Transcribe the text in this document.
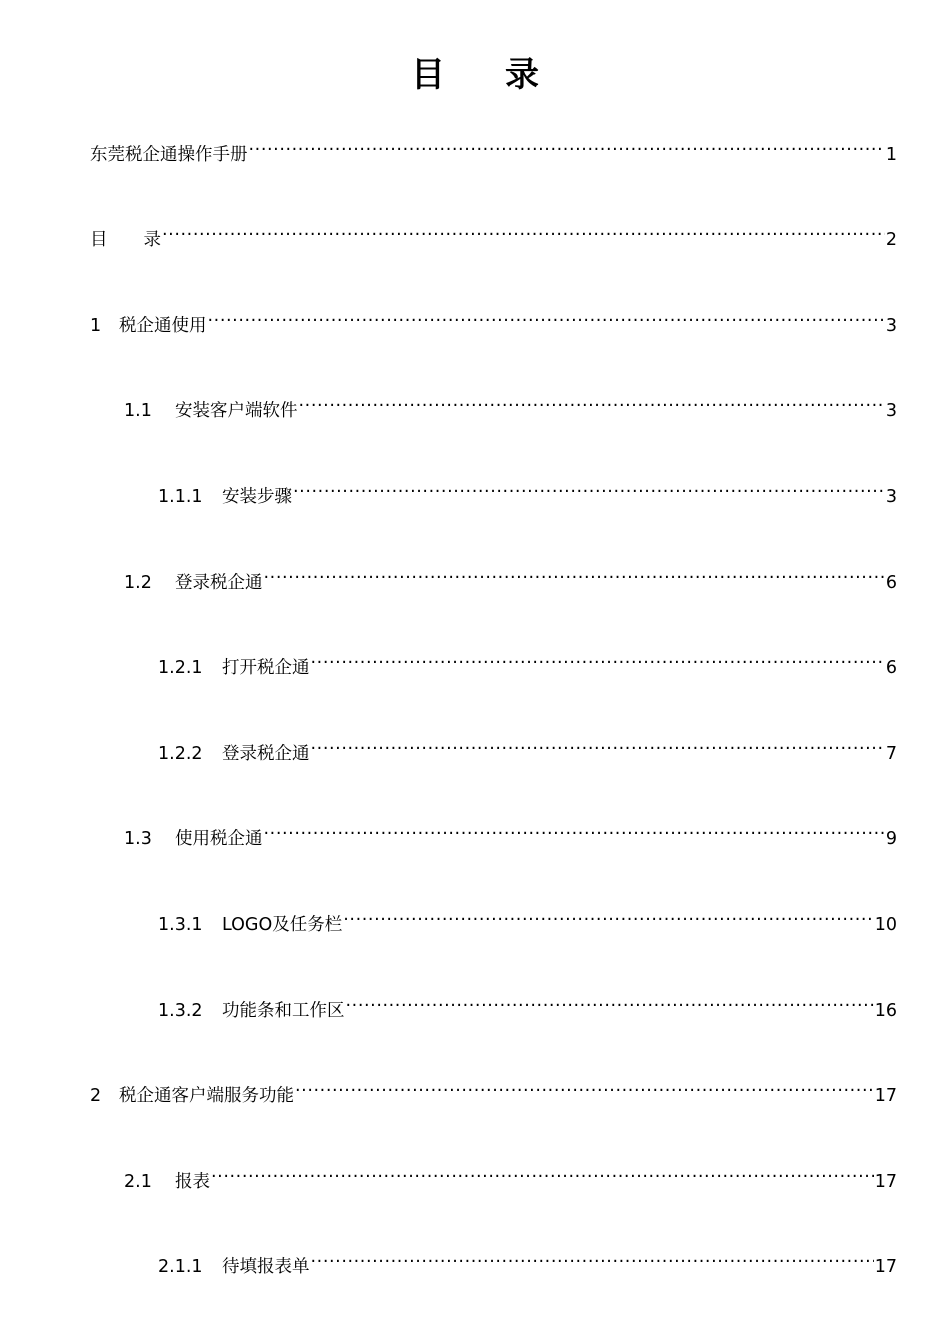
目 录
东莞税企通操作手册 .....	1
目 录 .....	2
1	税企通使用 .....	3
1.1	安装客户端软件 .....	3
1.1.1	安装步骤 .....	3
1.2	登录税企通 .....	6
1.2.1	打开税企通 .....	6
1.2.2	登录税企通 .....	7
1.3	使用税企通 .....	9
1.3.1	LOGO及任务栏 .....	10
1.3.2	功能条和工作区 .....	16
2	税企通客户端服务功能 .....	17
2.1	报表 .....	17
2.1.1	待填报表单 .....	17
